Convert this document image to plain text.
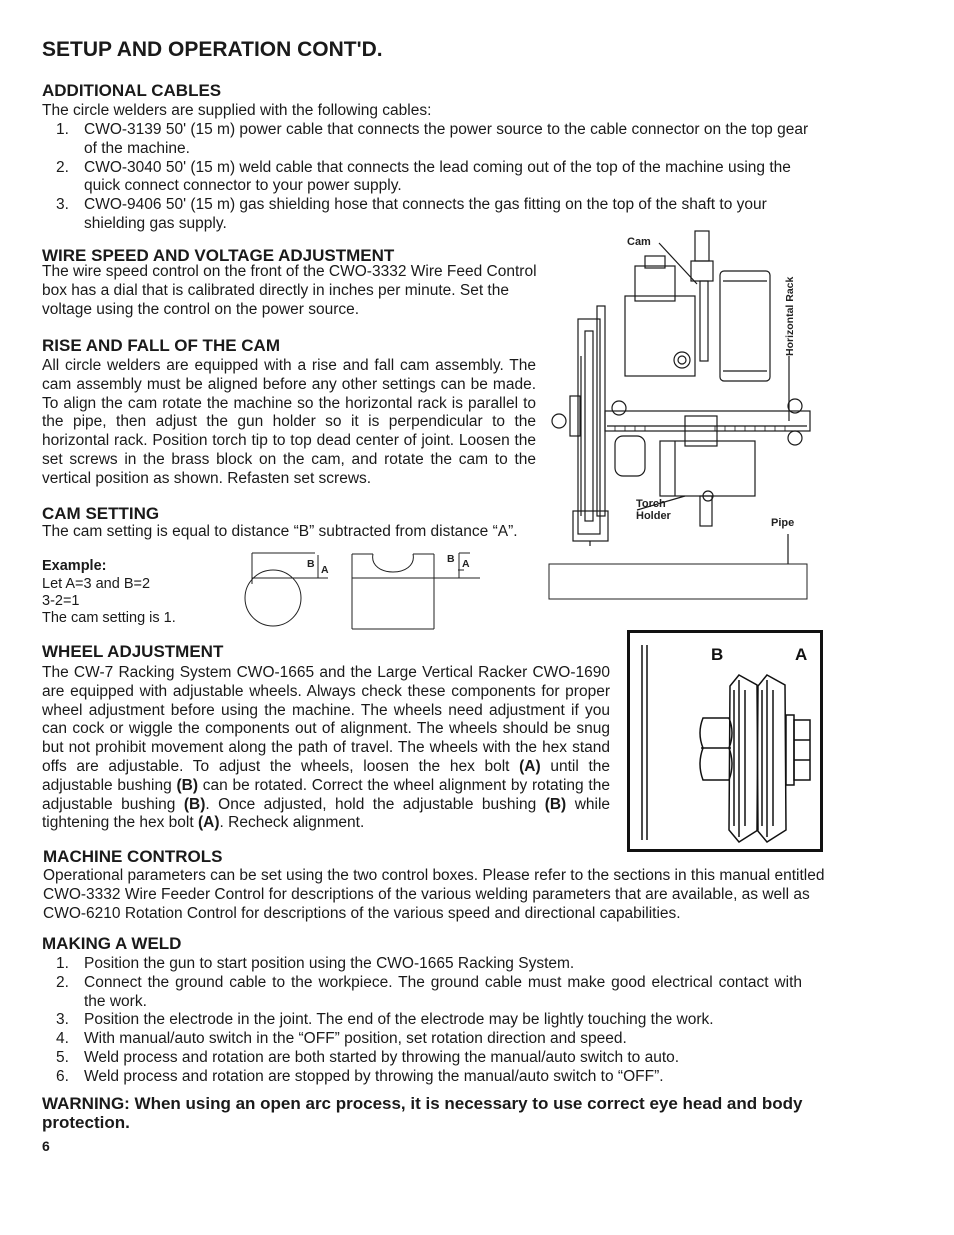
SETUP AND OPERATION CONT'D.
ADDITIONAL CABLES
The circle welders are supplied with the following cables:
1. CWO-3139 50' (15 m) power cable that connects the power source to the cable connector on the top gear of the machine.
2. CWO-3040 50' (15 m) weld cable that connects the lead coming out of the top of the machine using the quick connect connector to your power supply.
3. CWO-9406 50' (15 m) gas shielding hose that connects the gas fitting on the top of the shaft to your shielding gas supply.
WIRE SPEED AND VOLTAGE ADJUSTMENT
The wire speed control on the front of the CWO-3332 Wire Feed Control box has a dial that is calibrated directly in inches per minute. Set the voltage using the control on the power source.
RISE AND FALL OF THE CAM
All circle welders are equipped with a rise and fall cam assembly. The cam assembly must be aligned before any other settings can be made. To align the cam rotate the machine so the horizontal rack is parallel to the pipe, then adjust the gun holder so it is perpendicular to the horizontal rack. Position torch tip to top dead center of joint. Loosen the set screws in the brass block on the cam, and rotate the cam to the vertical position as shown. Refasten set screws.
CAM SETTING
The cam setting is equal to distance “B” subtracted from distance “A”.
Example:
Let A=3 and B=2
3-2=1
The cam setting is 1.
B A
B A
Cam
Horizontal Rack
Torch
Holder
Pipe
WHEEL ADJUSTMENT
The CW-7 Racking System CWO-1665 and the Large Vertical Racker CWO-1690 are equipped with adjustable wheels. Always check these components for proper wheel adjustment before using the machine. The wheels need adjustment if you can cock or wiggle the components out of alignment. The wheels should be snug but not prohibit movement along the path of travel. The wheels with the hex stand offs are adjustable. To adjust the wheels, loosen the hex bolt (A) until the adjustable bushing (B) can be rotated. Correct the wheel alignment by rotating the adjustable bushing (B). Once adjusted, hold the adjustable bushing (B) while tightening the hex bolt (A). Recheck alignment.
B	A
MACHINE CONTROLS
Operational parameters can be set using the two control boxes. Please refer to the sections in this manual entitled CWO-3332 Wire Feeder Control for descriptions of the various welding parameters that are available, as well as CWO-6210 Rotation Control for descriptions of the various speed and directional capabilities.
MAKING A WELD
1. Position the gun to start position using the CWO-1665 Racking System.
2. Connect the ground cable to the workpiece. The ground cable must make good electrical contact with the work.
3. Position the electrode in the joint. The end of the electrode may be lightly touching the work.
4. With manual/auto switch in the “OFF” position, set rotation direction and speed.
5. Weld process and rotation are both started by throwing the manual/auto switch to auto.
6. Weld process and rotation are stopped by throwing the manual/auto switch to “OFF”.
WARNING: When using an open arc process, it is necessary to use correct eye head and body protection.
6
